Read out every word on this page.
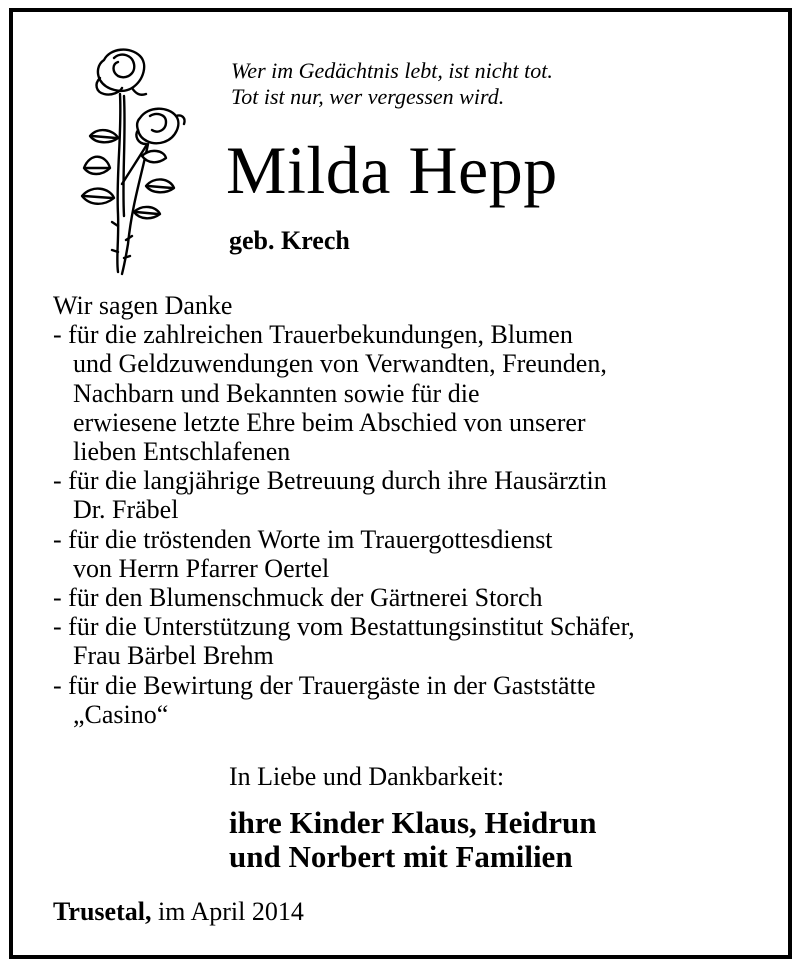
Wer im Gedächtnis lebt, ist nicht tot.
Tot ist nur, wer vergessen wird.
Milda Hepp
geb. Krech
Wir sagen Danke
- für die zahlreichen Trauerbekundungen, Blumen
und Geldzuwendungen von Verwandten, Freunden,
Nachbarn und Bekannten sowie für die
erwiesene letzte Ehre beim Abschied von unserer
lieben Entschlafenen
- für die langjährige Betreuung durch ihre Hausärztin
Dr. Fräbel
- für die tröstenden Worte im Trauergottesdienst
von Herrn Pfarrer Oertel
- für den Blumenschmuck der Gärtnerei Storch
- für die Unterstützung vom Bestattungsinstitut Schäfer,
Frau Bärbel Brehm
- für die Bewirtung der Trauergäste in der Gaststätte
„Casino“
In Liebe und Dankbarkeit:
ihre Kinder Klaus, Heidrun
und Norbert mit Familien
Trusetal, im April 2014
